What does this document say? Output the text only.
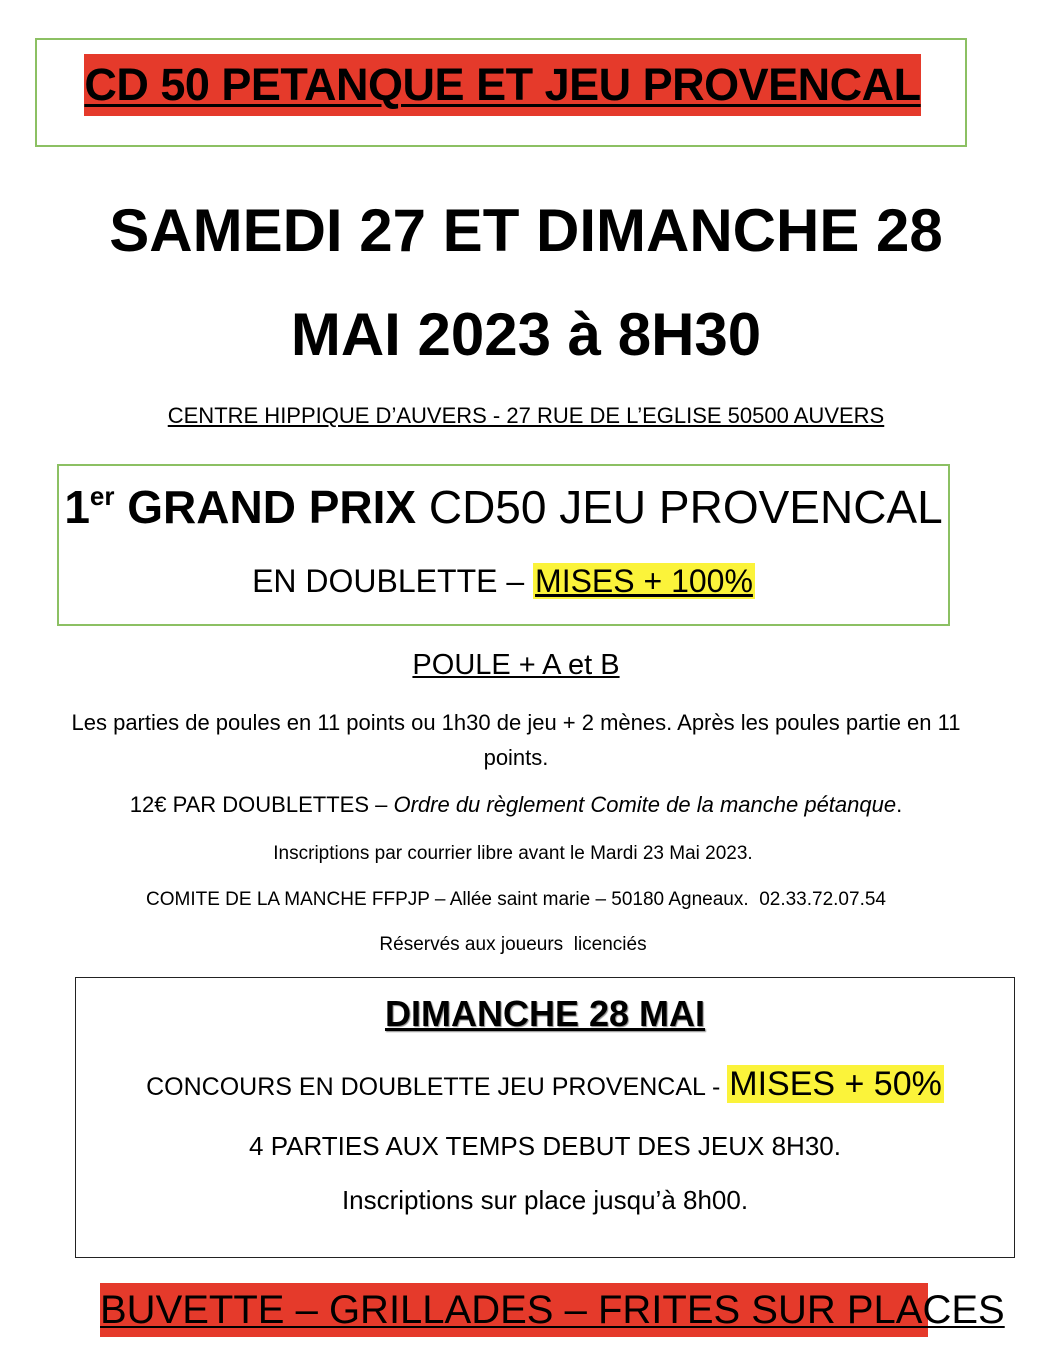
CD 50 PETANQUE ET JEU PROVENCAL
SAMEDI 27 ET DIMANCHE 28
MAI 2023 à 8H30
CENTRE HIPPIQUE D’AUVERS - 27 RUE DE L’EGLISE 50500 AUVERS
1er GRAND PRIX CD50 JEU PROVENCAL
EN DOUBLETTE – MISES + 100%
POULE + A et B
Les parties de poules en 11 points ou 1h30 de jeu + 2 mènes. Après les poules partie en 11 points.
12€ PAR DOUBLETTES – Ordre du règlement Comite de la manche pétanque.
Inscriptions par courrier libre avant le Mardi 23 Mai 2023.
COMITE DE LA MANCHE FFPJP – Allée saint marie – 50180 Agneaux.  02.33.72.07.54
Réservés aux joueurs  licenciés
DIMANCHE 28 MAI
CONCOURS EN DOUBLETTE JEU PROVENCAL - MISES + 50%
4 PARTIES AUX TEMPS DEBUT DES JEUX 8H30.
Inscriptions sur place jusqu’à 8h00.
BUVETTE – GRILLADES – FRITES SUR PLACES
